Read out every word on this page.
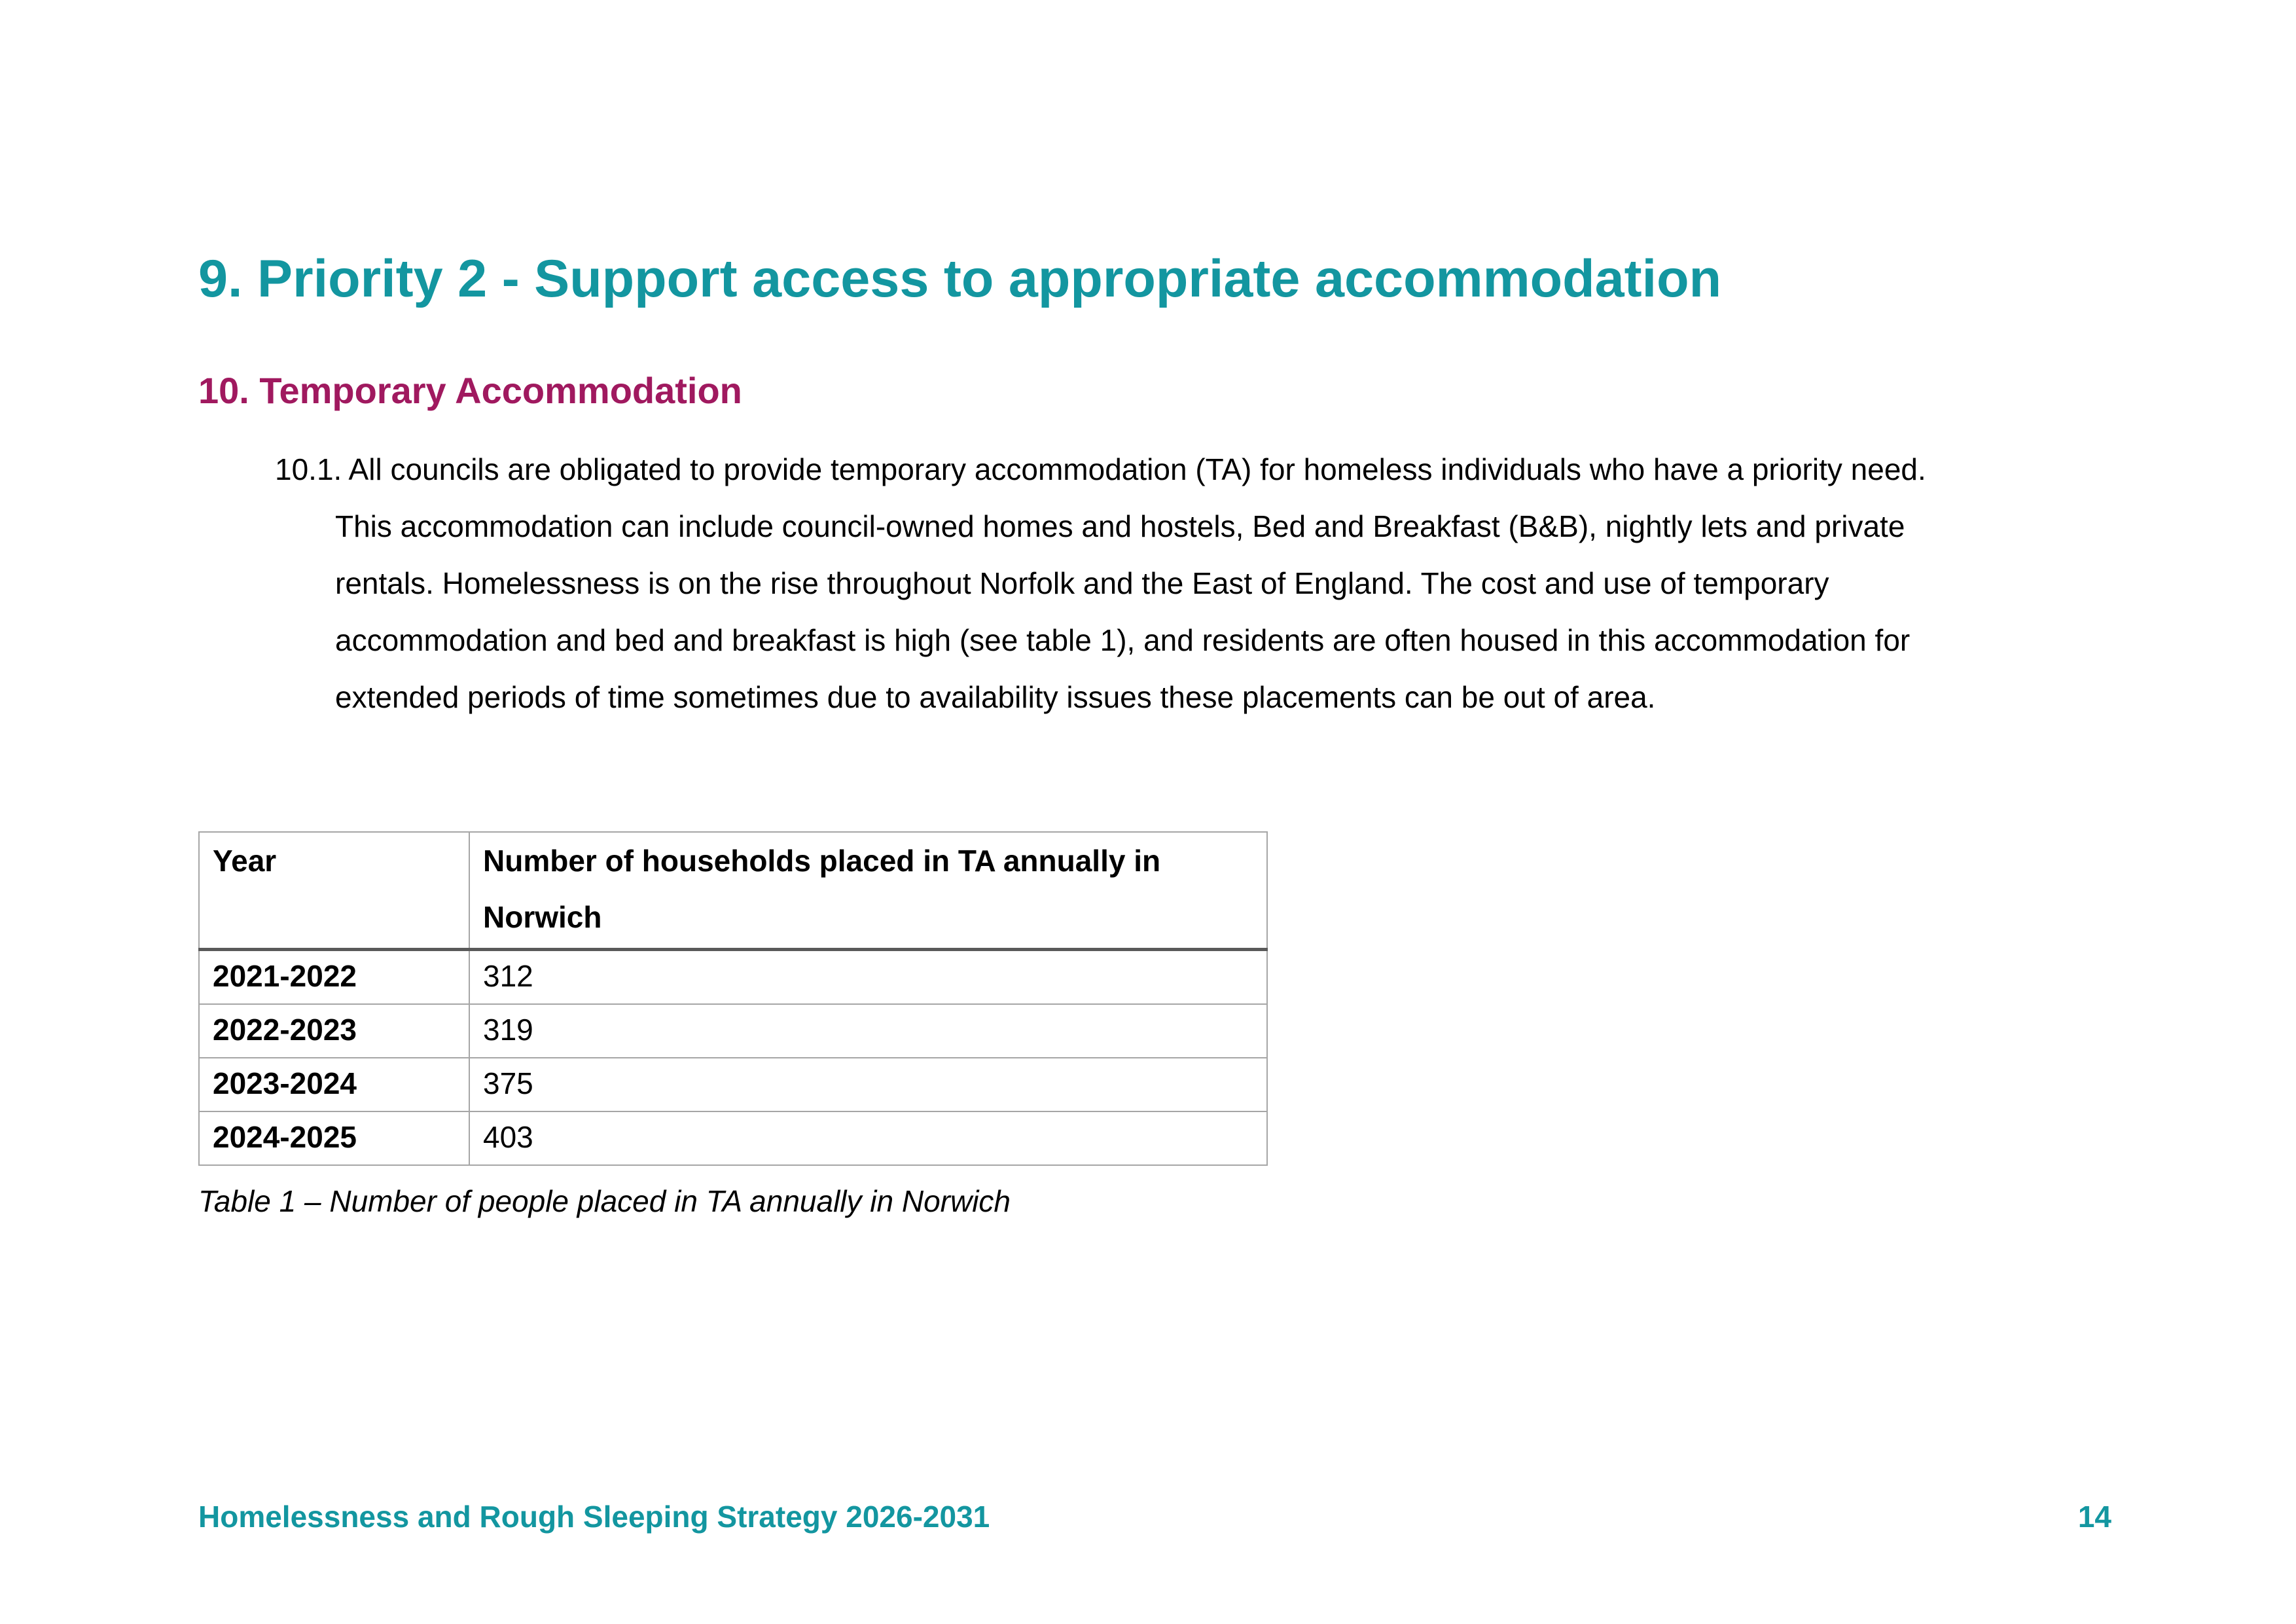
9. Priority 2 - Support access to appropriate accommodation
10. Temporary Accommodation

10.1. All councils are obligated to provide temporary accommodation (TA) for homeless individuals who have a priority need.
This accommodation can include council-owned homes and hostels, Bed and Breakfast (B&B), nightly lets and private
rentals. Homelessness is on the rise throughout Norfolk and the East of England. The cost and use of temporary
accommodation and bed and breakfast is high (see table 1), and residents are often housed in this accommodation for
extended periods of time sometimes due to availability issues these placements can be out of area.

Year	Number of households placed in TA annually in Norwich
2021-2022	312
2022-2023	319
2023-2024	375
2024-2025	403

Table 1 – Number of people placed in TA annually in Norwich

Homelessness and Rough Sleeping Strategy 2026-2031	14
